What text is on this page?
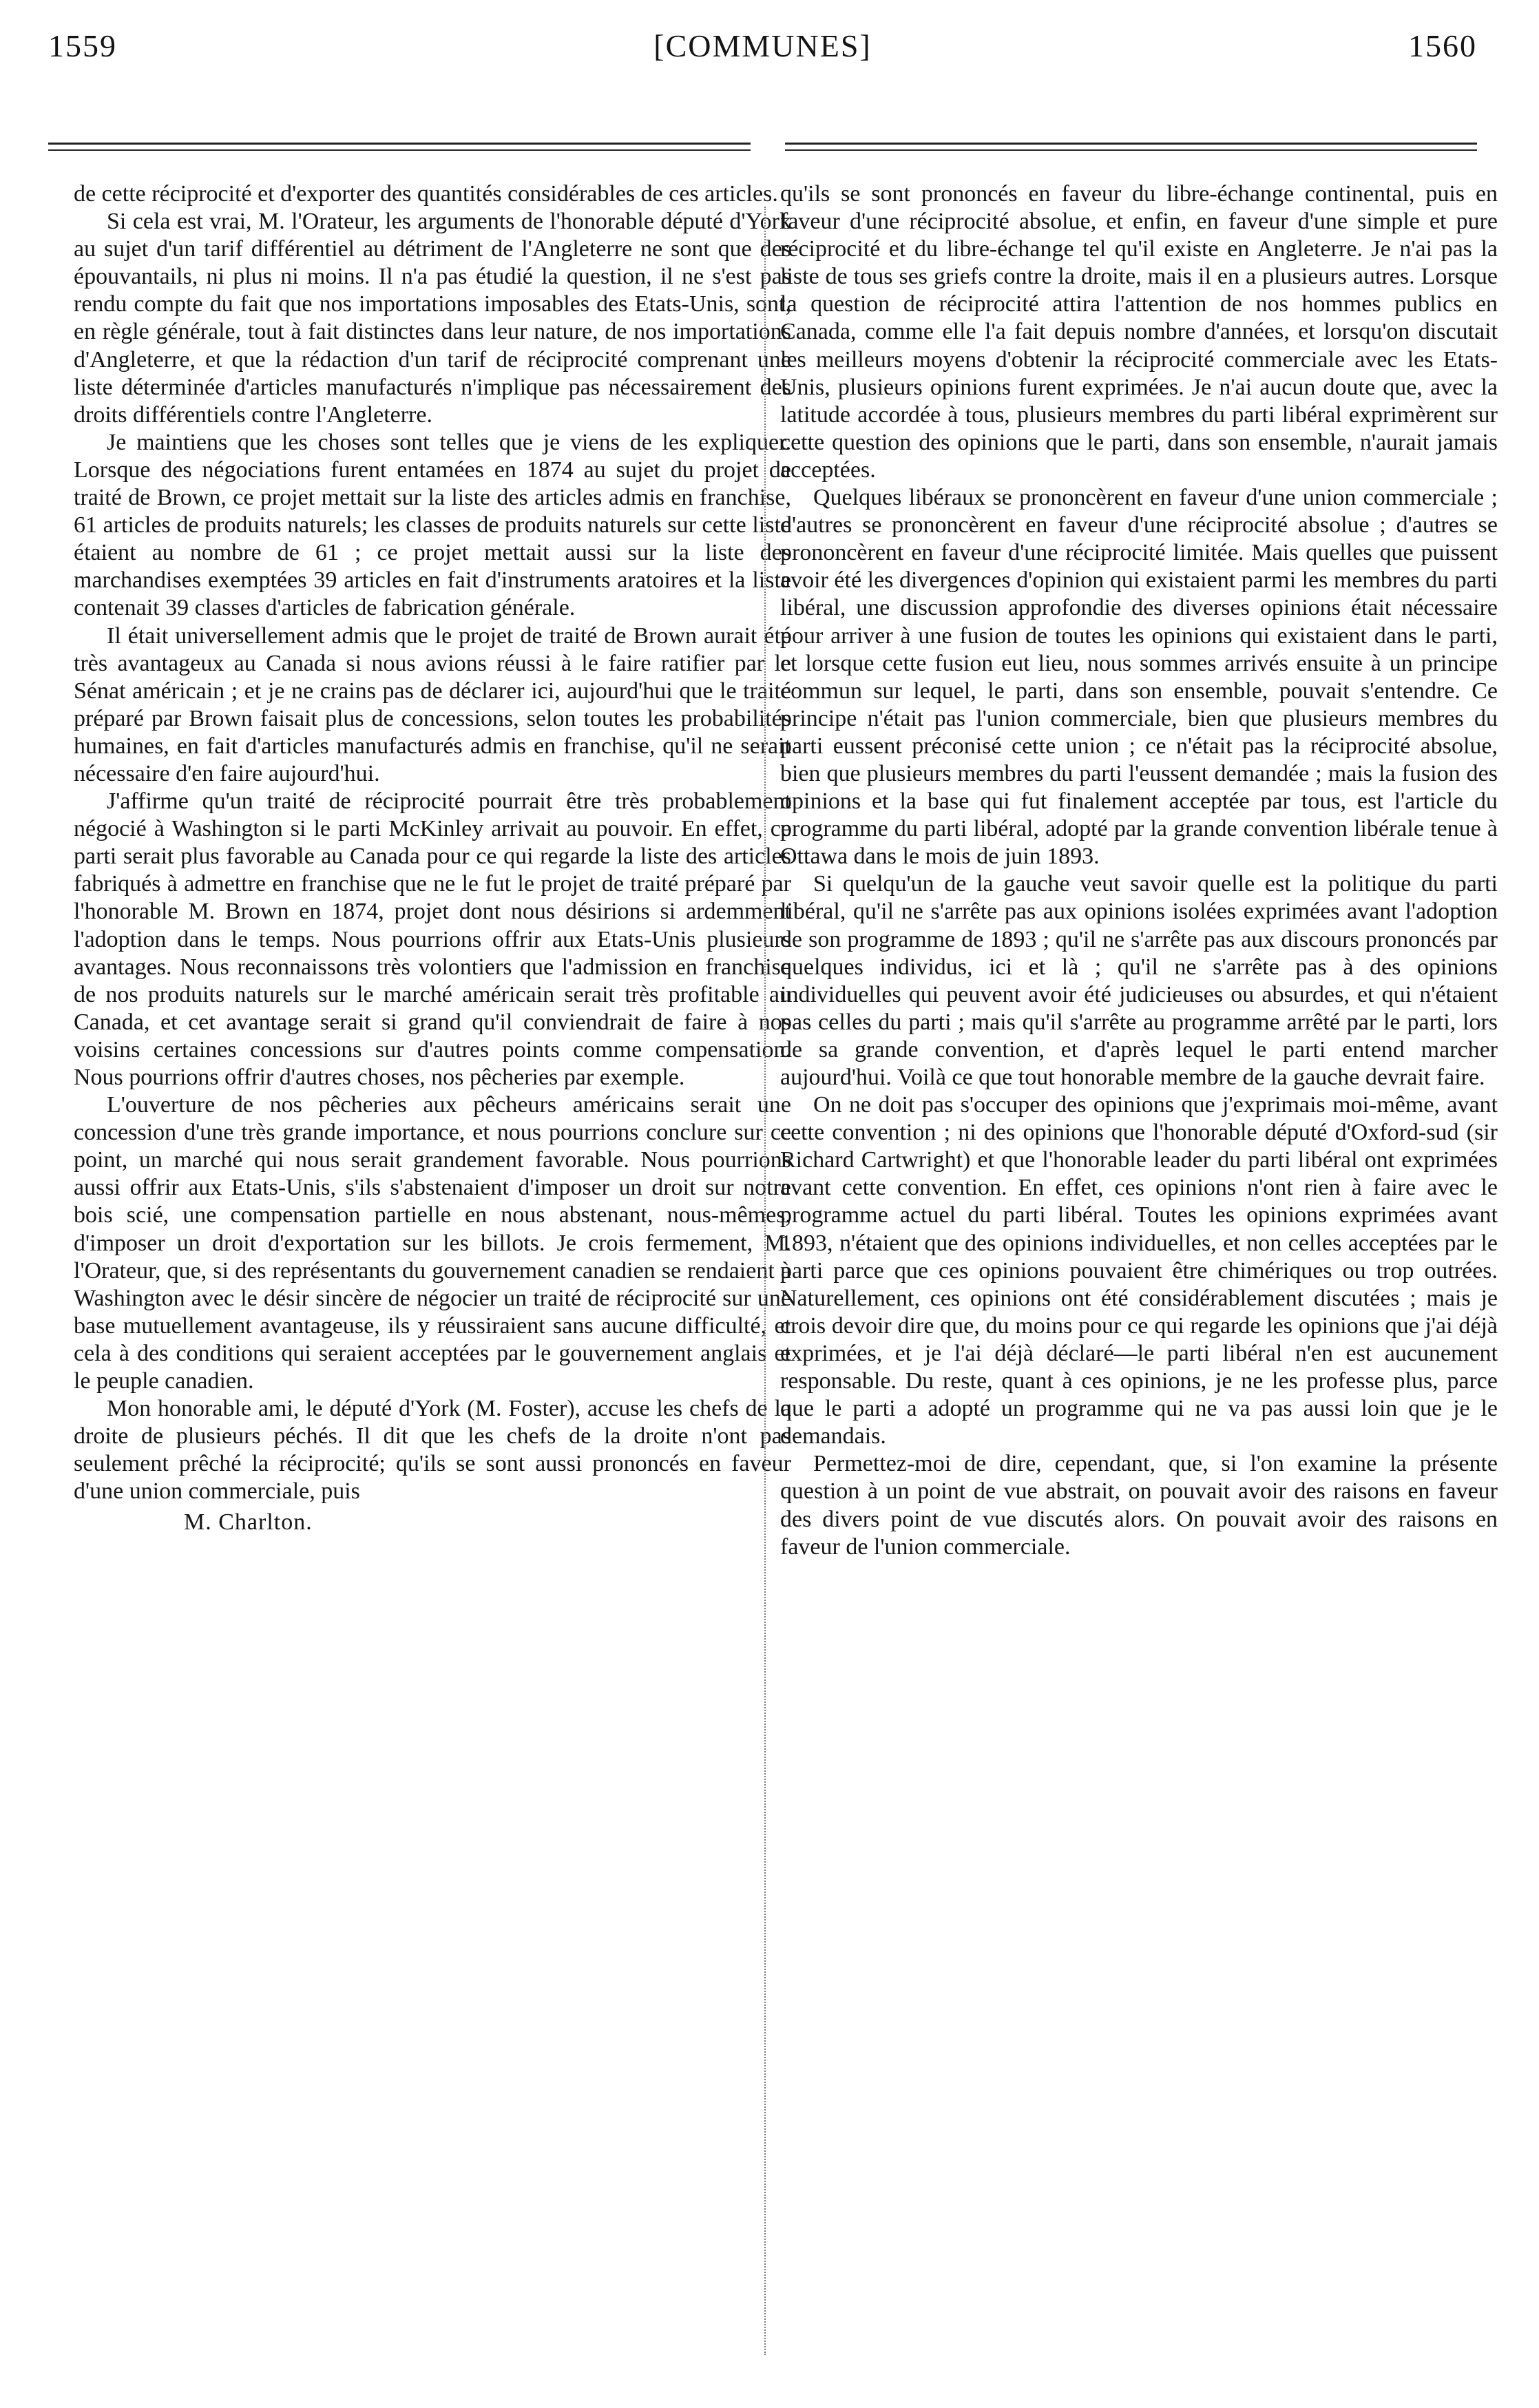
1559	[COMMUNES]	1560

de cette réciprocité et d'exporter des quantités considérables de ces articles.

Si cela est vrai, M. l'Orateur, les arguments de l'honorable député d'York au sujet d'un tarif différentiel au détriment de l'Angleterre ne sont que des épouvantails, ni plus ni moins. Il n'a pas étudié la question, il ne s'est pas rendu compte du fait que nos importations imposables des Etats-Unis, sont, en règle générale, tout à fait distinctes dans leur nature, de nos importations d'Angleterre, et que la rédaction d'un tarif de réciprocité comprenant une liste déterminée d'articles manufacturés n'implique pas nécessairement des droits différentiels contre l'Angleterre.

Je maintiens que les choses sont telles que je viens de les expliquer. Lorsque des négociations furent entamées en 1874 au sujet du projet de traité de Brown, ce projet mettait sur la liste des articles admis en franchise, 61 articles de produits naturels; les classes de produits naturels sur cette liste étaient au nombre de 61 ; ce projet mettait aussi sur la liste des marchandises exemptées 39 articles en fait d'instruments aratoires et la liste contenait 39 classes d'articles de fabrication générale.

Il était universellement admis que le projet de traité de Brown aurait été très avantageux au Canada si nous avions réussi à le faire ratifier par le Sénat américain ; et je ne crains pas de déclarer ici, aujourd'hui que le traité préparé par Brown faisait plus de concessions, selon toutes les probabilités humaines, en fait d'articles manufacturés admis en franchise, qu'il ne serait nécessaire d'en faire aujourd'hui.

J'affirme qu'un traité de réciprocité pourrait être très probablement négocié à Washington si le parti McKinley arrivait au pouvoir. En effet, ce parti serait plus favorable au Canada pour ce qui regarde la liste des articles fabriqués à admettre en franchise que ne le fut le projet de traité préparé par l'honorable M. Brown en 1874, projet dont nous désirions si ardemment l'adoption dans le temps. Nous pourrions offrir aux Etats-Unis plusieurs avantages. Nous reconnaissons très volontiers que l'admission en franchise de nos produits naturels sur le marché américain serait très profitable au Canada, et cet avantage serait si grand qu'il conviendrait de faire à nos voisins certaines concessions sur d'autres points comme compensation. Nous pourrions offrir d'autres choses, nos pêcheries par exemple.

L'ouverture de nos pêcheries aux pêcheurs américains serait une concession d'une très grande importance, et nous pourrions conclure sur ce point, un marché qui nous serait grandement favorable. Nous pourrions aussi offrir aux Etats-Unis, s'ils s'abstenaient d'imposer un droit sur notre bois scié, une compensation partielle en nous abstenant, nous-mêmes, d'imposer un droit d'exportation sur les billots. Je crois fermement, M. l'Orateur, que, si des représentants du gouvernement canadien se rendaient à Washington avec le désir sincère de négocier un traité de réciprocité sur une base mutuellement avantageuse, ils y réussiraient sans aucune difficulté, et cela à des conditions qui seraient acceptées par le gouvernement anglais et le peuple canadien.

Mon honorable ami, le député d'York (M. Foster), accuse les chefs de la droite de plusieurs péchés. Il dit que les chefs de la droite n'ont pas seulement prêché la réciprocité; qu'ils se sont aussi prononcés en faveur d'une union commerciale, puis

M. Charlton.

qu'ils se sont prononcés en faveur du libre-échange continental, puis en faveur d'une réciprocité absolue, et enfin, en faveur d'une simple et pure réciprocité et du libre-échange tel qu'il existe en Angleterre. Je n'ai pas la liste de tous ses griefs contre la droite, mais il en a plusieurs autres. Lorsque la question de réciprocité attira l'attention de nos hommes publics en Canada, comme elle l'a fait depuis nombre d'années, et lorsqu'on discutait les meilleurs moyens d'obtenir la réciprocité commerciale avec les Etats-Unis, plusieurs opinions furent exprimées. Je n'ai aucun doute que, avec la latitude accordée à tous, plusieurs membres du parti libéral exprimèrent sur cette question des opinions que le parti, dans son ensemble, n'aurait jamais acceptées.

Quelques libéraux se prononcèrent en faveur d'une union commerciale ; d'autres se prononcèrent en faveur d'une réciprocité absolue ; d'autres se prononcèrent en faveur d'une réciprocité limitée. Mais quelles que puissent avoir été les divergences d'opinion qui existaient parmi les membres du parti libéral, une discussion approfondie des diverses opinions était nécessaire pour arriver à une fusion de toutes les opinions qui existaient dans le parti, et lorsque cette fusion eut lieu, nous sommes arrivés ensuite à un principe commun sur lequel, le parti, dans son ensemble, pouvait s'entendre. Ce principe n'était pas l'union commerciale, bien que plusieurs membres du parti eussent préconisé cette union ; ce n'était pas la réciprocité absolue, bien que plusieurs membres du parti l'eussent demandée ; mais la fusion des opinions et la base qui fut finalement acceptée par tous, est l'article du programme du parti libéral, adopté par la grande convention libérale tenue à Ottawa dans le mois de juin 1893.

Si quelqu'un de la gauche veut savoir quelle est la politique du parti libéral, qu'il ne s'arrête pas aux opinions isolées exprimées avant l'adoption de son programme de 1893 ; qu'il ne s'arrête pas aux discours prononcés par quelques individus, ici et là ; qu'il ne s'arrête pas à des opinions individuelles qui peuvent avoir été judicieuses ou absurdes, et qui n'étaient pas celles du parti ; mais qu'il s'arrête au programme arrêté par le parti, lors de sa grande convention, et d'après lequel le parti entend marcher aujourd'hui. Voilà ce que tout honorable membre de la gauche devrait faire.

On ne doit pas s'occuper des opinions que j'exprimais moi-même, avant cette convention ; ni des opinions que l'honorable député d'Oxford-sud (sir Richard Cartwright) et que l'honorable leader du parti libéral ont exprimées avant cette convention. En effet, ces opinions n'ont rien à faire avec le programme actuel du parti libéral. Toutes les opinions exprimées avant 1893, n'étaient que des opinions individuelles, et non celles acceptées par le parti parce que ces opinions pouvaient être chimériques ou trop outrées. Naturellement, ces opinions ont été considérablement discutées ; mais je crois devoir dire que, du moins pour ce qui regarde les opinions que j'ai déjà exprimées, et je l'ai déjà déclaré—le parti libéral n'en est aucunement responsable. Du reste, quant à ces opinions, je ne les professe plus, parce que le parti a adopté un programme qui ne va pas aussi loin que je le demandais.

Permettez-moi de dire, cependant, que, si l'on examine la présente question à un point de vue abstrait, on pouvait avoir des raisons en faveur des divers point de vue discutés alors. On pouvait avoir des raisons en faveur de l'union commerciale.
